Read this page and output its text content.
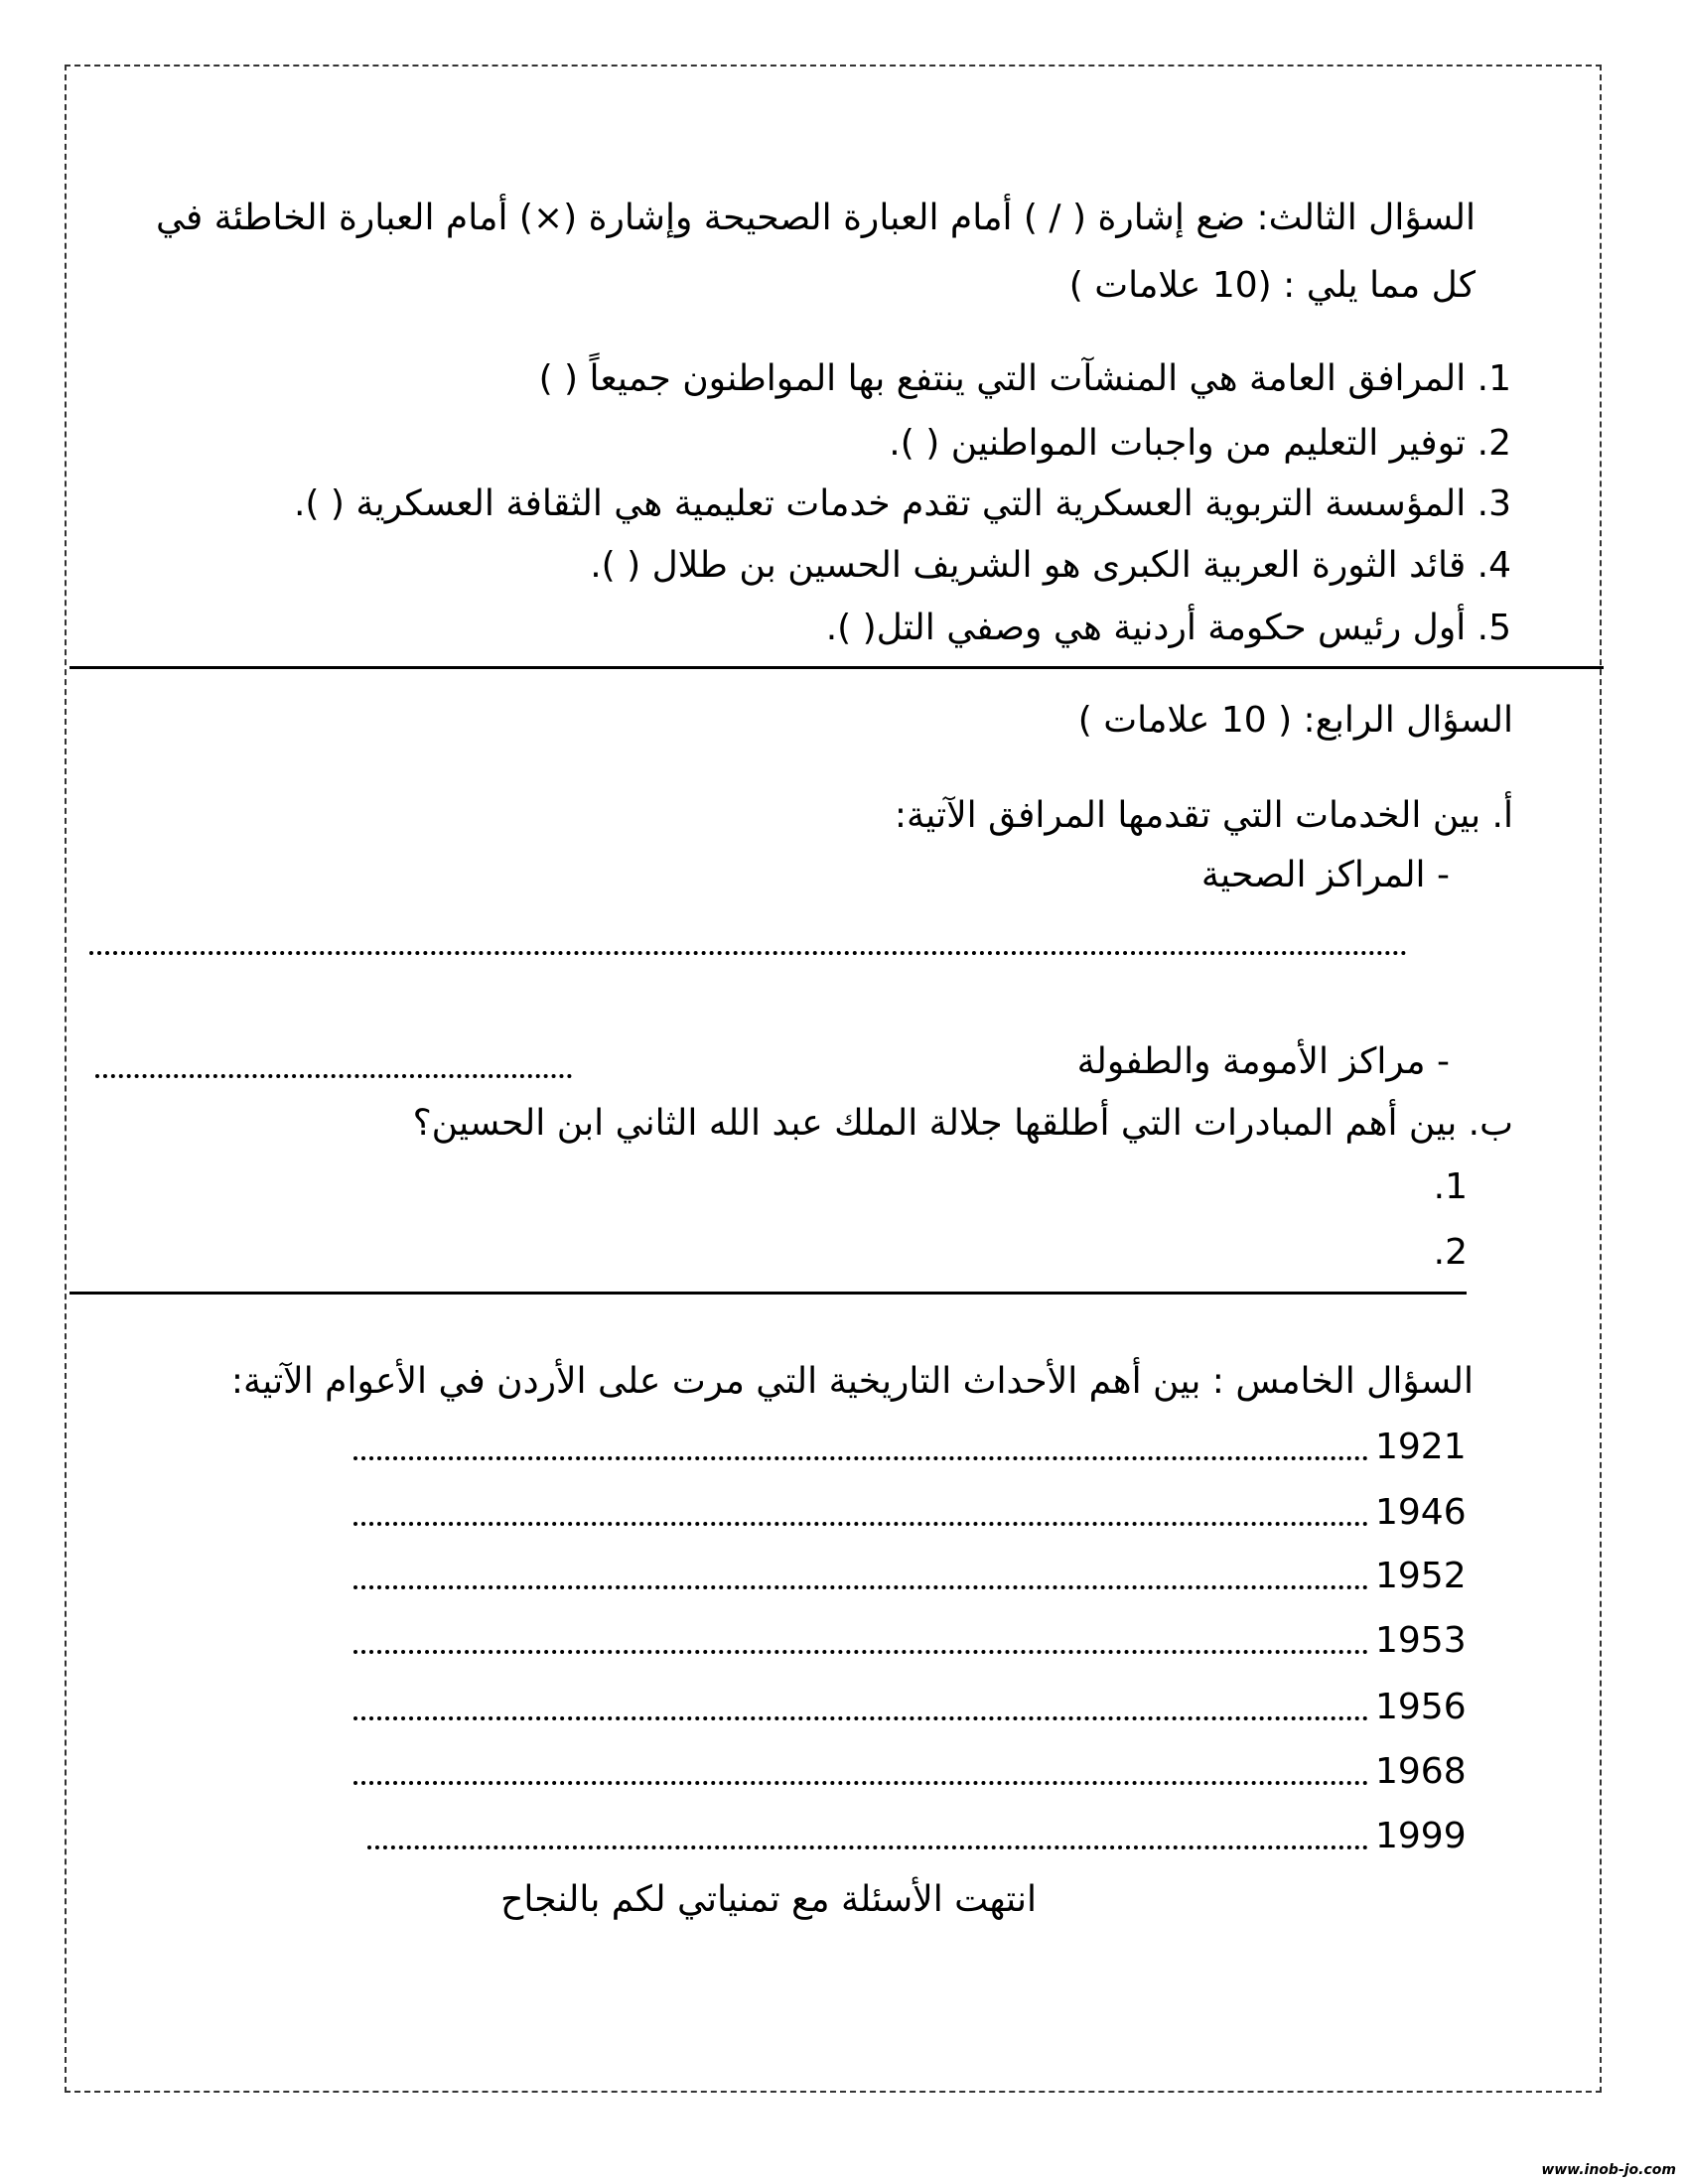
السؤال الثالث: ضع إشارة ( / ) أمام العبارة الصحيحة وإشارة (×) أمام العبارة الخاطئة في
كل مما يلي : (10 علامات )
1. المرافق العامة هي المنشآت التي ينتفع بها المواطنون جميعاً ( )
2. توفير التعليم من واجبات المواطنين ( ).
3. المؤسسة التربوية العسكرية التي تقدم خدمات تعليمية هي الثقافة العسكرية ( ).
4. قائد الثورة العربية الكبرى هو الشريف الحسين بن طلال ( ).
5. أول رئيس حكومة أردنية هي وصفي التل( ).
السؤال الرابع: ( 10 علامات )
أ. بين الخدمات التي تقدمها المرافق الآتية:
- المراكز الصحية
- مراكز الأمومة والطفولة
ب. بين أهم المبادرات التي أطلقها جلالة الملك عبد الله الثاني ابن الحسين؟
.1
.2
السؤال الخامس : بين أهم الأحداث التاريخية التي مرت على الأردن في الأعوام الآتية:
1921
1946
1952
1953
1956
1968
1999
انتهت الأسئلة مع تمنياتي لكم بالنجاح
www.inob-jo.com
